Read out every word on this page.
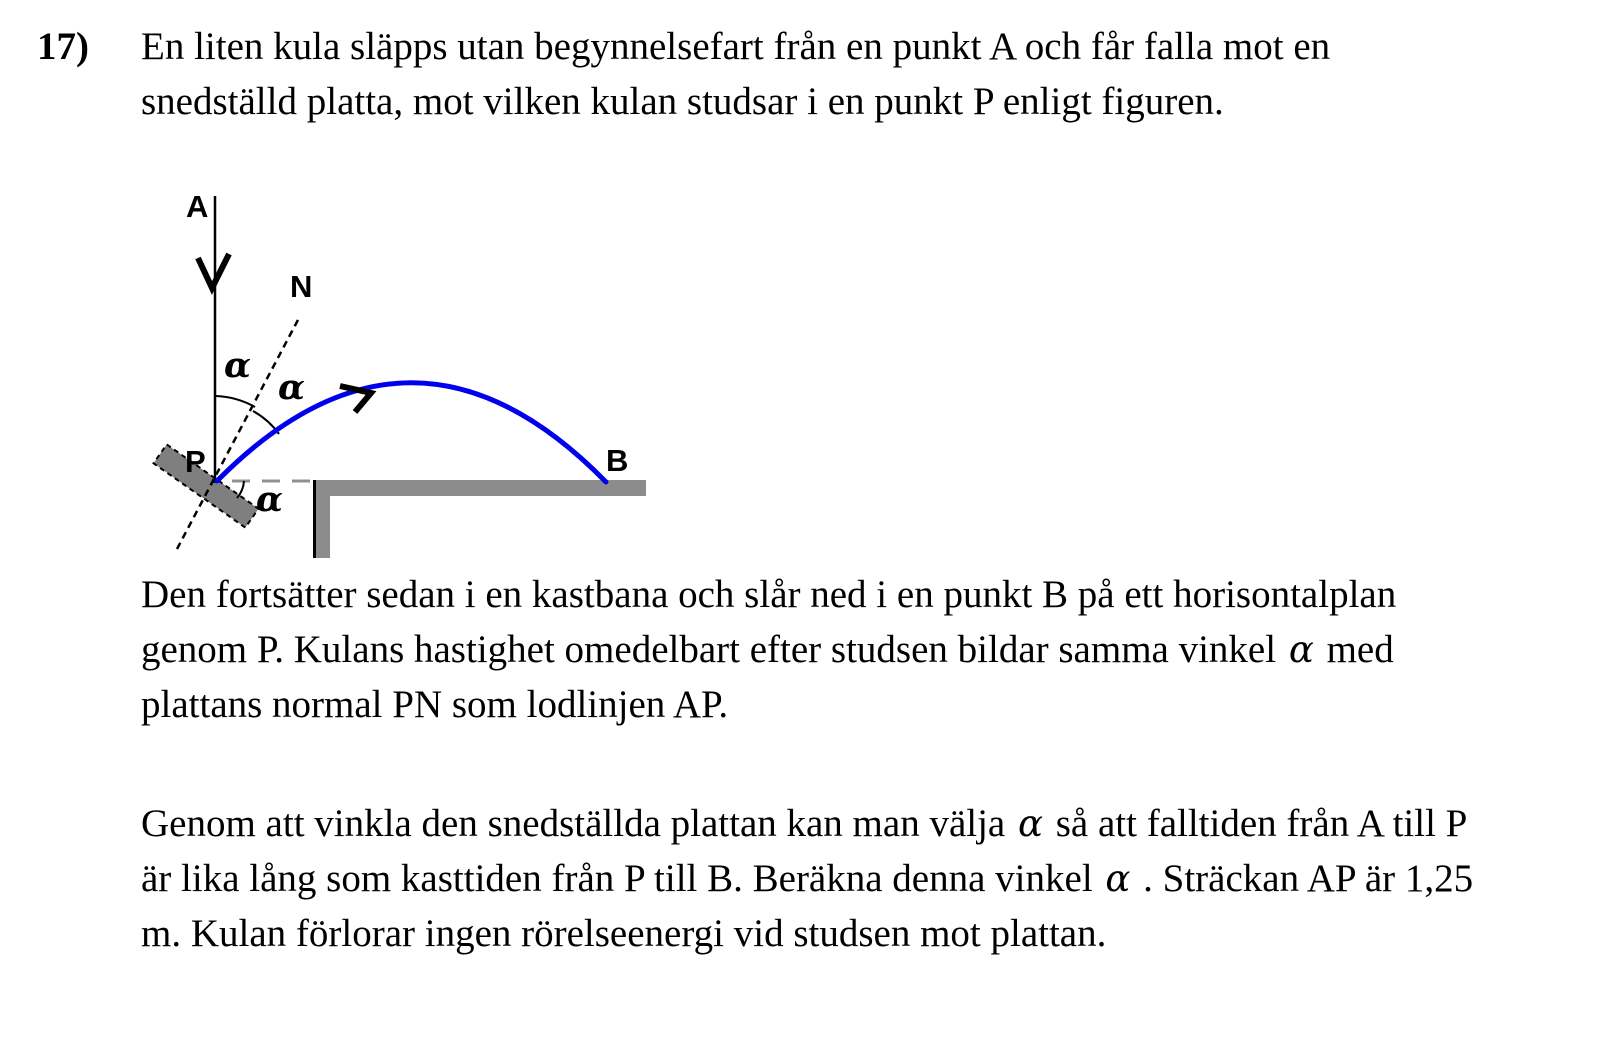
17) En liten kula släpps utan begynnelsefart från en punkt A och får falla mot en
snedställd platta, mot vilken kulan studsar i en punkt P enligt figuren.
A
N
P	B
α
α
α
Den fortsätter sedan i en kastbana och slår ned i en punkt B på ett horisontalplan
genom P. Kulans hastighet omedelbart efter studsen bildar samma vinkel α med
plattans normal PN som lodlinjen AP.
Genom att vinkla den snedställda plattan kan man välja α så att falltiden från A till P
är lika lång som kasttiden från P till B. Beräkna denna vinkel α . Sträckan AP är 1,25
m. Kulan förlorar ingen rörelseenergi vid studsen mot plattan.
